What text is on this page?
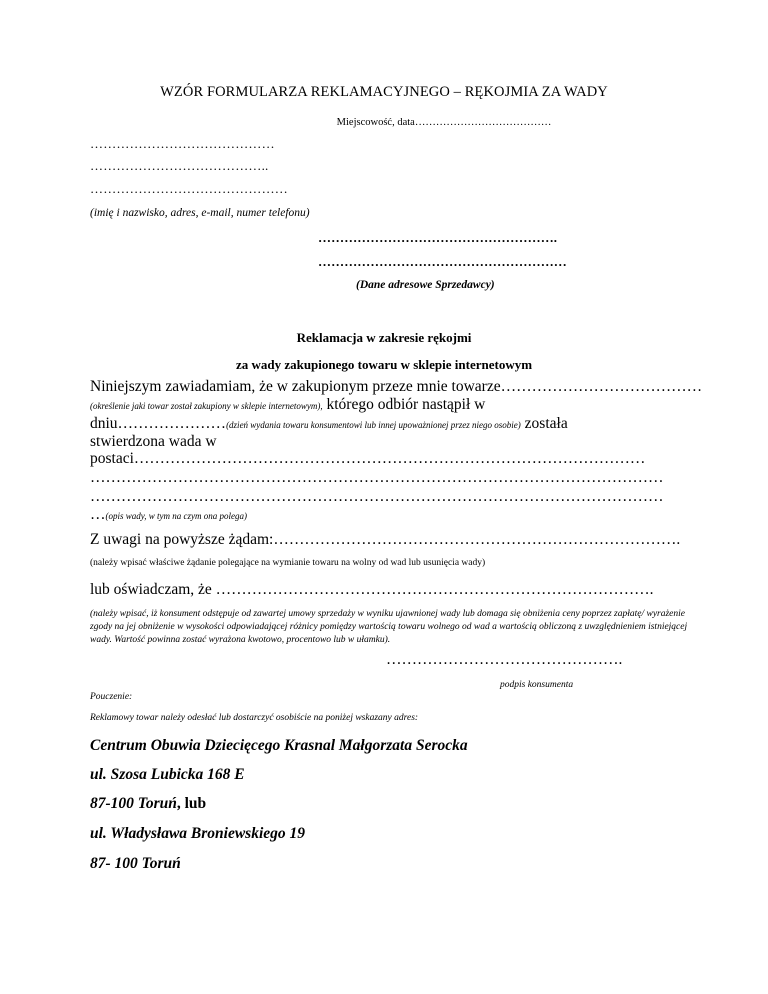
WZÓR FORMULARZA REKLAMACYJNEGO – RĘKOJMIA ZA WADY
Miejscowość, data…………………………………
……………………………………
…………………………………..
………………………………………
(imię i nazwisko, adres, e-mail, numer telefonu)
……………………………………………….
…………………………………………………
(Dane adresowe Sprzedawcy)
Reklamacja w zakresie rękojmi
za wady zakupionego towaru w sklepie internetowym
Niniejszym zawiadamiam, że w zakupionym przeze mnie towarze…………………………………
(określenie jaki towar został zakupiony w sklepie internetowym), którego odbiór nastąpił w
dniu…………………(dzień wydania towaru konsumentowi lub innej upoważnionej przez niego osobie) została
stwierdzona wada w
postaci………………………………………………………………………………………
…………………………………………………………………………………………………
…………………………………………………………………………………………………
…(opis wady, w tym na czym ona polega)
Z uwagi na powyższe żądam:…………………………………………………………………….
(należy wpisać właściwe żądanie polegające na wymianie towaru na wolny od wad lub usunięcia wady)
lub oświadczam, że ………………………………………………………………………….
(należy wpisać, iż konsument odstępuje od zawartej umowy sprzedaży w wyniku ujawnionej wady lub domaga się obniżenia ceny poprzez zapłatę/ wyrażenie zgody na jej obniżenie w wysokości odpowiadającej różnicy pomiędzy wartością towaru wolnego od wad a wartością obliczoną z uwzględnieniem istniejącej wady. Wartość powinna zostać wyrażona kwotowo, procentowo lub w ułamku).
……………………………………….
podpis konsumenta
Pouczenie:
Reklamowy towar należy odesłać lub dostarczyć osobiście na poniżej wskazany adres:
Centrum Obuwia Dziecięcego Krasnal Małgorzata Serocka
ul. Szosa Lubicka 168 E
87-100 Toruń, lub
ul. Władysława Broniewskiego 19
87- 100 Toruń
